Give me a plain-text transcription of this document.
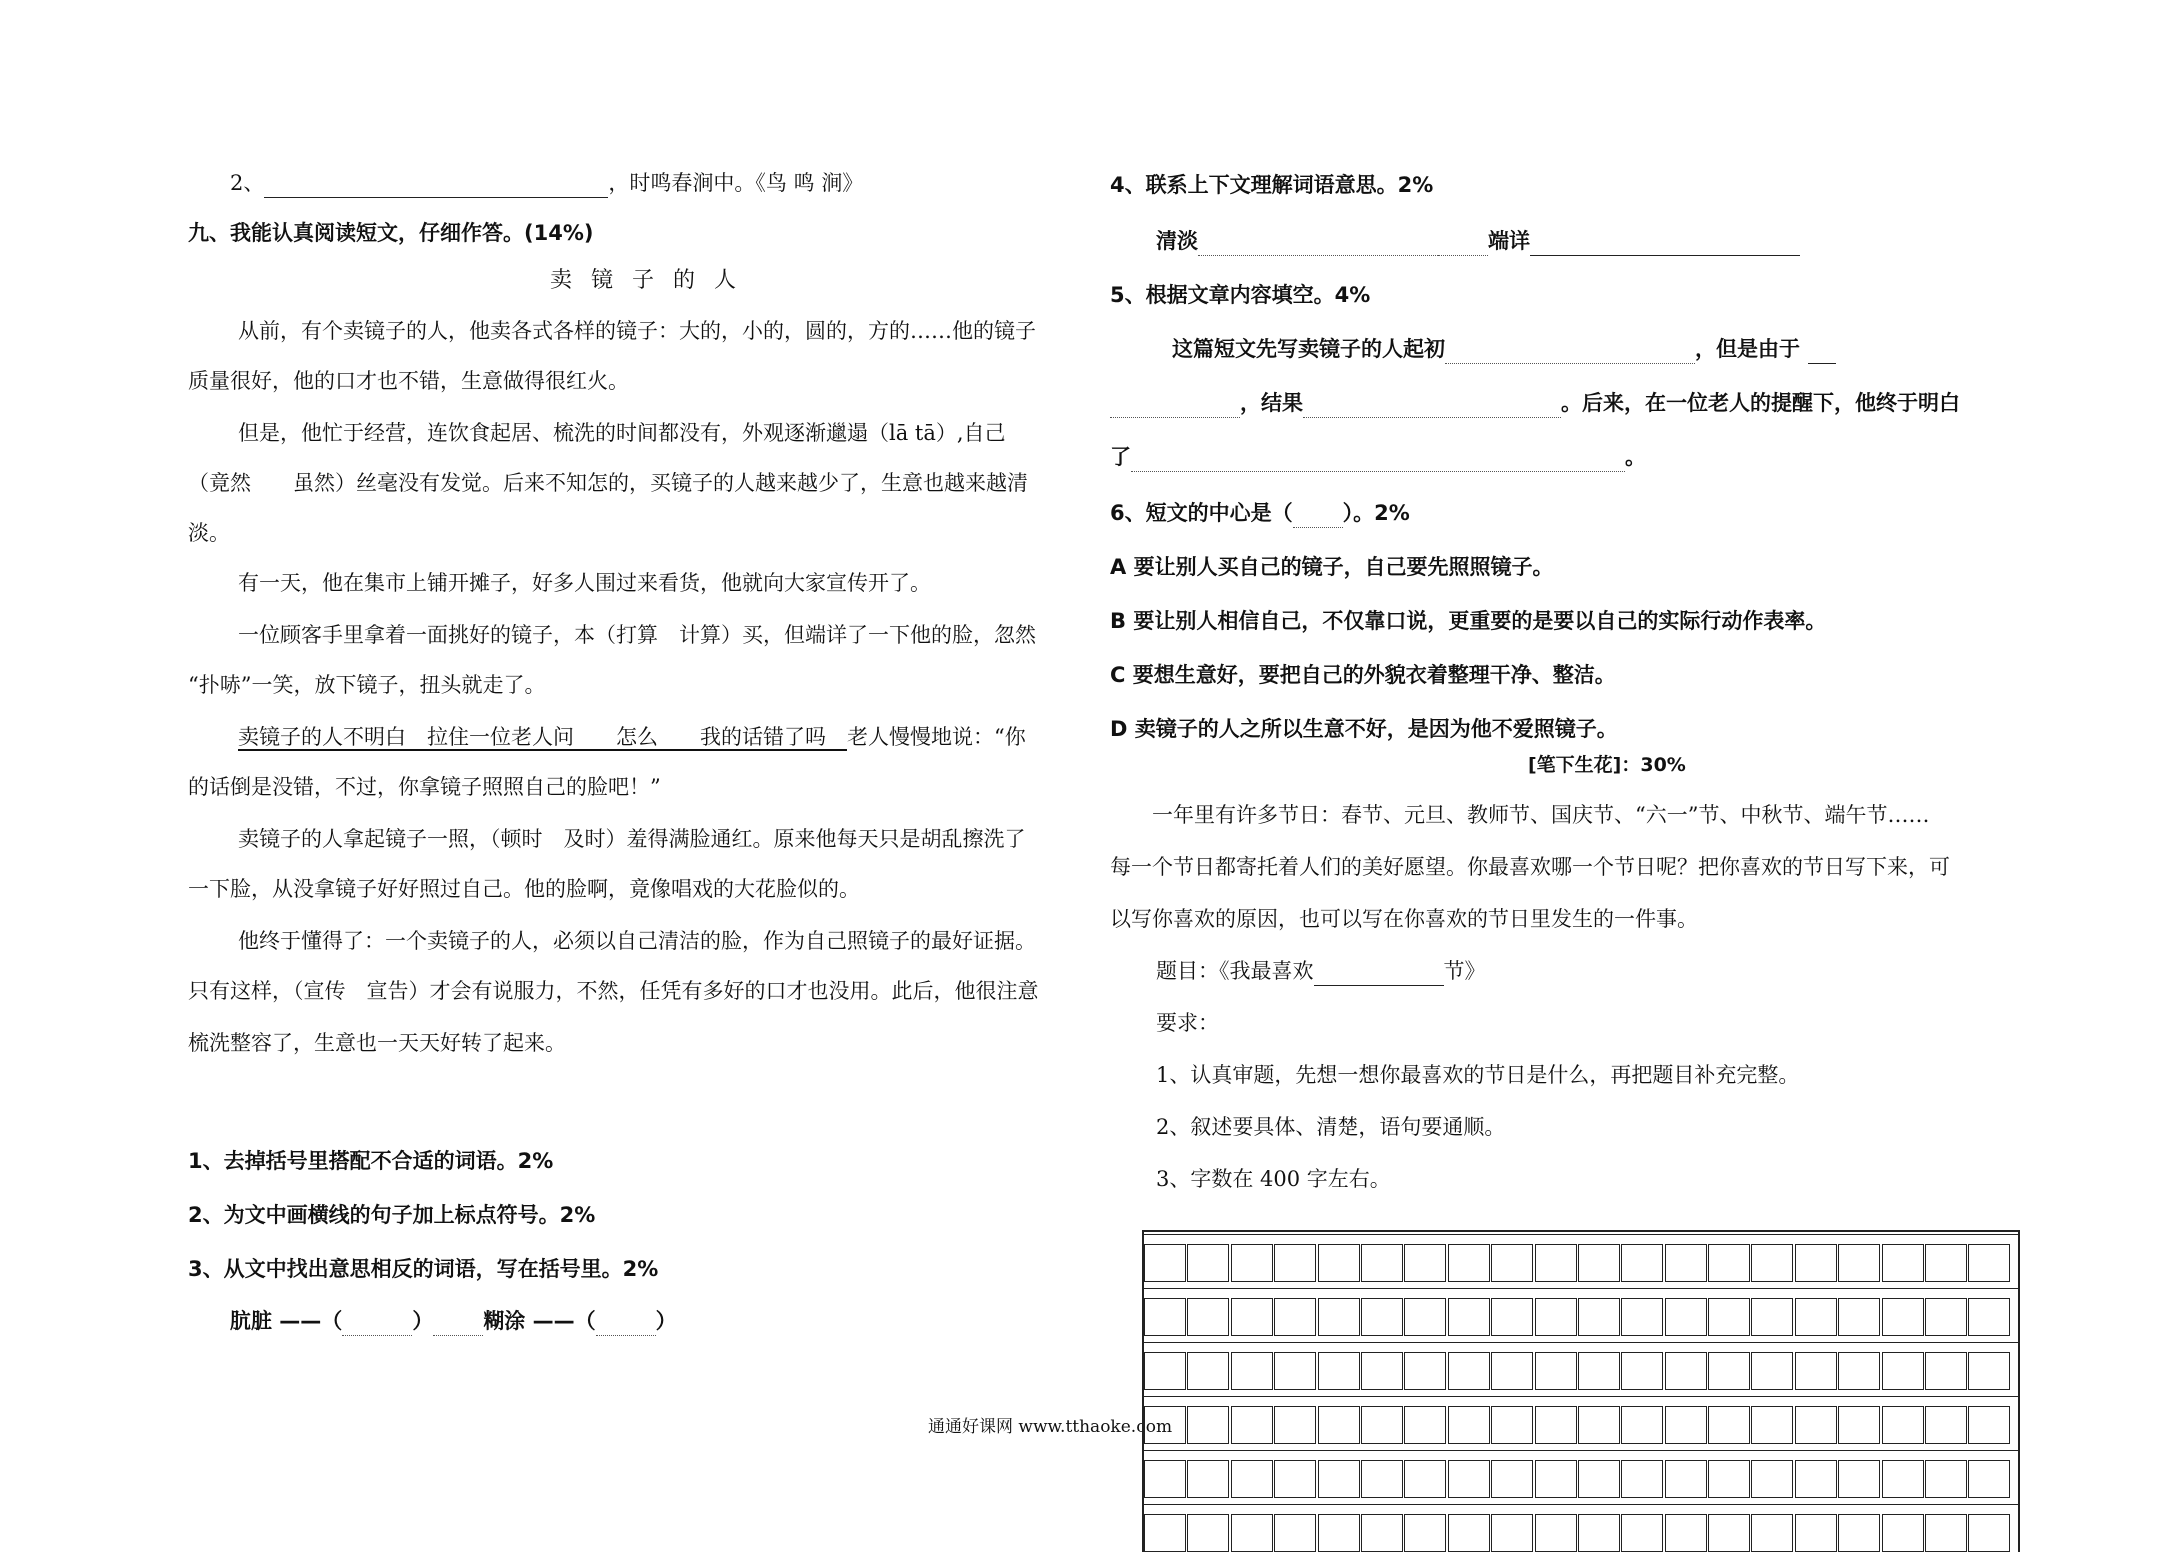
2、	，时鸣春涧中。《鸟 鸣 涧》
九、我能认真阅读短文，仔细作答。(14%)
卖 镜 子 的 人
从前，有个卖镜子的人，他卖各式各样的镜子：大的，小的，圆的，方的……他的镜子
质量很好，他的口才也不错，生意做得很红火。
但是，他忙于经营，连饮食起居、梳洗的时间都没有，外观逐渐邋遢（lā tā）,自己
（竟然　　虽然）丝毫没有发觉。后来不知怎的，买镜子的人越来越少了，生意也越来越清
淡。
有一天，他在集市上铺开摊子，好多人围过来看货，他就向大家宣传开了。
一位顾客手里拿着一面挑好的镜子，本（打算　计算）买，但端详了一下他的脸，忽然
“扑哧”一笑，放下镜子，扭头就走了。
卖镜子的人不明白　拉住一位老人问　　怎么　　我的话错了吗　老人慢慢地说：“你
的话倒是没错，不过，你拿镜子照照自己的脸吧！”
卖镜子的人拿起镜子一照，（顿时　及时）羞得满脸通红。原来他每天只是胡乱擦洗了
一下脸，从没拿镜子好好照过自己。他的脸啊，竟像唱戏的大花脸似的。
他终于懂得了：一个卖镜子的人，必须以自己清洁的脸，作为自己照镜子的最好证据。
只有这样，（宣传　宣告）才会有说服力，不然，任凭有多好的口才也没用。此后，他很注意
梳洗整容了，生意也一天天好转了起来。
1、去掉括号里搭配不合适的词语。2%
2、为文中画横线的句子加上标点符号。2%
3、从文中找出意思相反的词语，写在括号里。2%
肮脏 ——（	） 糊涂 ——（	）
4、联系上下文理解词语意思。2%
清淡	端详
5、根据文章内容填空。4%
这篇短文先写卖镜子的人起初	，但是由于
，结果	。后来，在一位老人的提醒下，他终于明白
了	。
6、短文的中心是（ ）。2%
A 要让别人买自己的镜子，自己要先照照镜子。
B 要让别人相信自己，不仅靠口说，更重要的是要以自己的实际行动作表率。
C 要想生意好，要把自己的外貌衣着整理干净、整洁。
D 卖镜子的人之所以生意不好，是因为他不爱照镜子。
[笔下生花]：30%
一年里有许多节日：春节、元旦、教师节、国庆节、“六一”节、中秋节、端午节……
每一个节日都寄托着人们的美好愿望。你最喜欢哪一个节日呢？把你喜欢的节日写下来，可
以写你喜欢的原因，也可以写在你喜欢的节日里发生的一件事。
题目：《我最喜欢	节》
要求：
1、认真审题，先想一想你最喜欢的节日是什么，再把题目补充完整。
2、叙述要具体、清楚，语句要通顺。
3、字数在 400 字左右。
通通好课网 www.tthaoke.com
